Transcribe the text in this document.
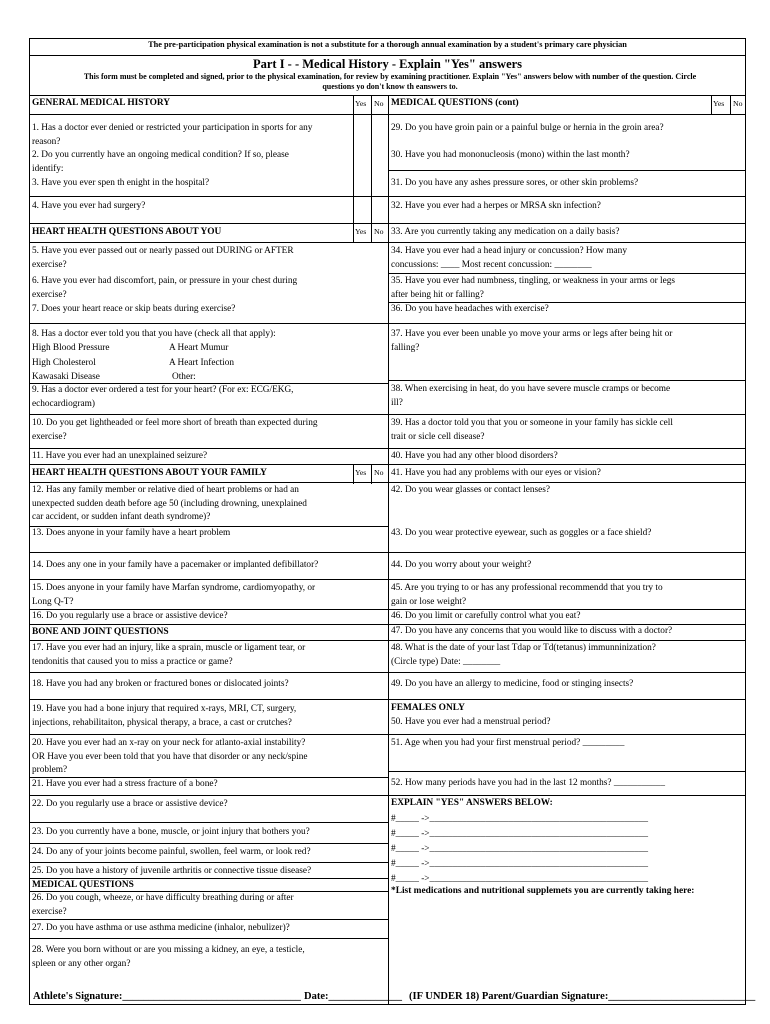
The pre-participation physical examination is not a substitute for a thorough annual examination by a student's primary care physician
Part I - - Medical History - Explain "Yes" answers
This form must be completed and signed, prior to the physical examination, for review by examining practitioner. Explain "Yes" answers below with number of the question. Circle
questions yo don't know th eanswers to.
Yes No	Yes No
Yes No
Yes No
GENERAL MEDICAL HISTORY
1. Has a doctor ever denied or restricted your participation in sports for any
reason?
2. Do you currently have an ongoing medical condition? If so, please
identify:
3. Have you ever spen th enight in the hospital?
4. Have you ever had surgery?
HEART HEALTH QUESTIONS ABOUT YOU
5. Have you ever passed out or nearly passed out DURING or AFTER
exercise?
6. Have you ever had discomfort, pain, or pressure in your chest during
exercise?
7. Does your heart reace or skip beats during exercise?
8. Has a doctor ever told you that you have (check all that apply):
High Blood Pressure	A Heart Mumur
High Cholesterol	A Heart Infection
Kawasaki Disease	Other:
9. Has a doctor ever ordered a test for your heart? (For ex: ECG/EKG,
echocardiogram)
10. Do you get lightheaded or feel more short of breath than expected during
exercise?
11. Have you ever had an unexplained seizure?
HEART HEALTH QUESTIONS ABOUT YOUR FAMILY
12. Has any family member or relative died of heart problems or had an
unexpected sudden death before age 50 (including drowning, unexplained
car accident, or sudden infant death syndrome)?
13. Does anyone in your family have a heart problem
14. Does any one in your family have a pacemaker or implanted defibillator?
15. Does anyone in your family have Marfan syndrome, cardiomyopathy, or
Long Q-T?
16. Do you regularly use a brace or assistive device?
BONE AND JOINT QUESTIONS
17. Have you ever had an injury, like a sprain, muscle or ligament tear, or
tendonitis that caused you to miss a practice or game?
18. Have you had any broken or fractured bones or dislocated joints?
19. Have you had a bone injury that required x-rays, MRI, CT, surgery,
injections, rehabilitaiton, physical therapy, a brace, a cast or crutches?
20. Have you ever had an x-ray on your neck for atlanto-axial instability?
OR Have you ever been told that you have that disorder or any neck/spine
problem?
21. Have you ever had a stress fracture of a bone?
22. Do you regularly use a brace or assistive device?
23. Do you currently have a bone, muscle, or joint injury that bothers you?
24. Do any of your joints become painful, swollen, feel warm, or look red?
25. Do you have a history of juvenile arthritis or connective tissue disease?
MEDICAL QUESTIONS
26. Do you cough, wheeze, or have difficulty breathing during or after
exercise?
27. Do you have asthma or use asthma medicine (inhalor, nebulizer)?
28. Were you born without or are you missing a kidney, an eye, a testicle,
spleen or any other organ?
MEDICAL QUESTIONS (cont)
29. Do you have groin pain or a painful bulge or hernia in the groin area?
30. Have you had mononucleosis (mono) within the last month?
31. Do you have any ashes pressure sores, or other skin problems?
32. Have you ever had a herpes or MRSA skn infection?
33. Are you currently taking any medication on a daily basis?
34. Have you ever had a head injury or concussion? How many
concussions: ____ Most recent concussion: ________
35. Have you ever had numbness, tingling, or weakness in your arms or legs
after being hit or falling?
36. Do you have headaches with exercise?
37. Have you ever been unable yo move your arms or legs after being hit or
falling?
38. When exercising in heat, do you have severe muscle cramps or become
ill?
39. Has a doctor told you that you or someone in your family has sickle cell
trait or sicle cell disease?
40. Have you had any other blood disorders?
41. Have you had any problems with our eyes or vision?
42. Do you wear glasses or contact lenses?
43. Do you wear protective eyewear, such as goggles or a face shield?
44. Do you worry about your weight?
45. Are you trying to or has any professional recommendd that you try to
gain or lose weight?
46. Do you limit or carefully control what you eat?
47. Do you have any concerns that you would like to discuss with a doctor?
48. What is the date of your last Tdap or Td(tetanus) immunninization?
(Circle type) Date: ________
49. Do you have an allergy to medicine, food or stinging insects?
FEMALES ONLY
50. Have you ever had a menstrual period?
51. Age when you had your first menstrual period? _________
52. How many periods have you had in the last 12 months? ___________
EXPLAIN "YES" ANSWERS BELOW:
#_____ ->_______________________________________________
#_____ ->_______________________________________________
#_____ ->_______________________________________________
#_____ ->_______________________________________________
#_____ ->_______________________________________________
*List medications and nutritional supplemets you are currently taking here:
Athlete's Signature:__________________________________ Date:______________ (IF UNDER 18) Parent/Guardian Signature:____________________________
